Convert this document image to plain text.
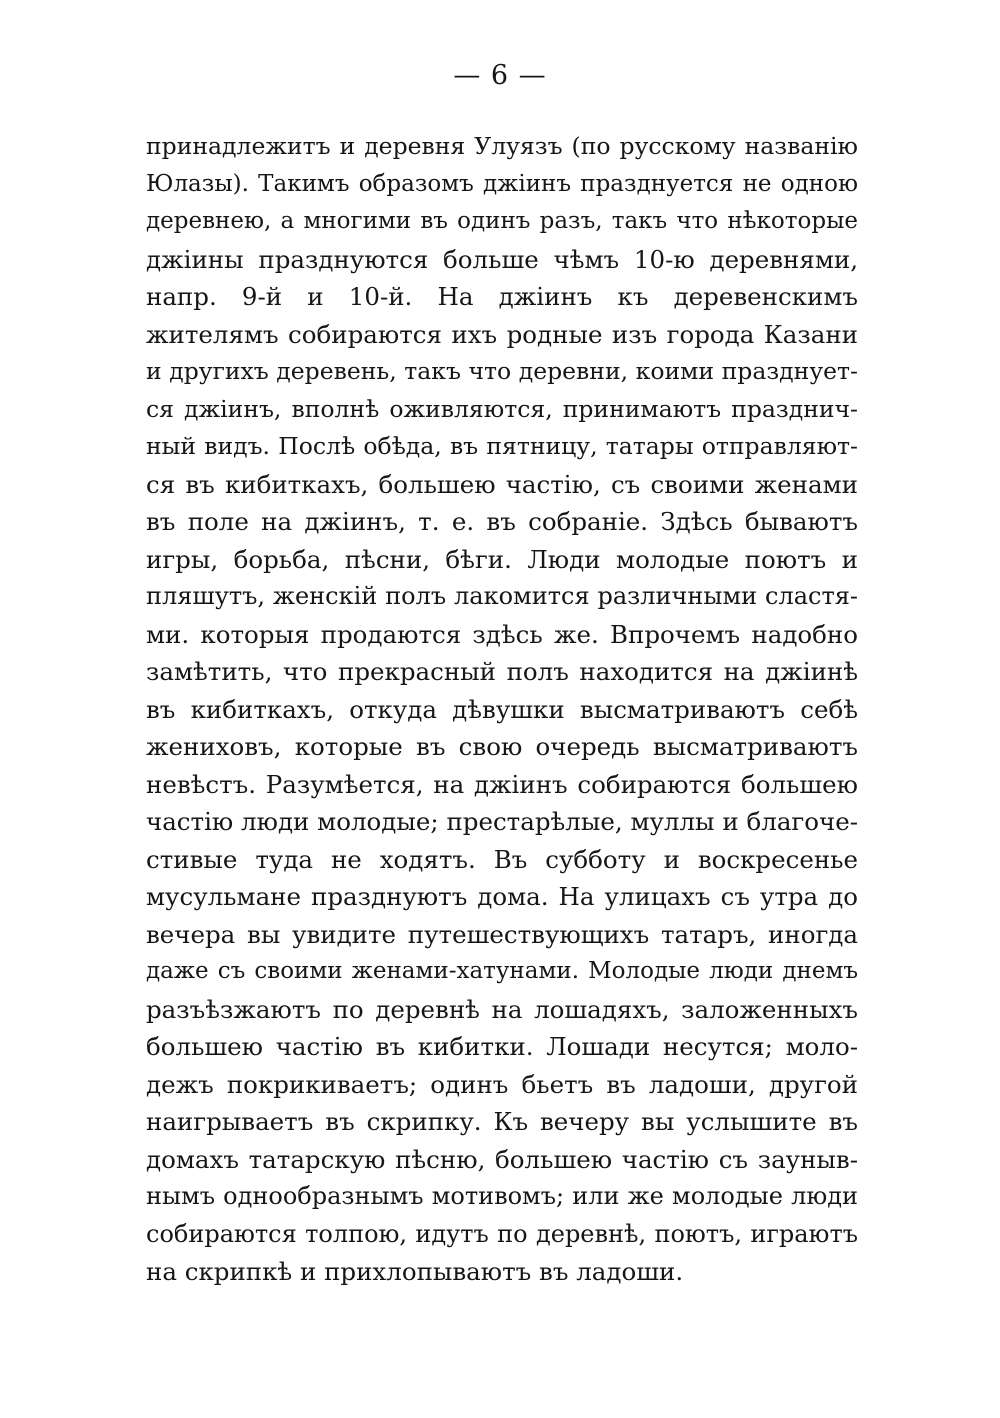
— 6 —
принадлежитъ и деревня Улуязъ (по русскому названiю
Юлазы). Такимъ образомъ джiинъ празднуется не одною
деревнею, а многими въ одинъ разъ, такъ что нѣкоторые
джiины празднуются больше чѣмъ 10-ю деревнями,
напр. 9-й и 10-й. На джiинъ къ деревенскимъ
жителямъ собираются ихъ родные изъ города Казани
и другихъ деревень, такъ что деревни, коими празднует-
ся джiинъ, вполнѣ оживляются, принимаютъ празднич-
ный видъ. Послѣ обѣда, въ пятницу, татары отправляют-
ся въ кибиткахъ, большею частiю, съ своими женами
въ поле на джiинъ, т. е. въ собранiе. Здѣсь бываютъ
игры, борьба, пѣсни, бѣги. Люди молодые поютъ и
пляшутъ, женскiй полъ лакомится различными сластя-
ми. которыя продаются здѣсь же. Впрочемъ надобно
замѣтить, что прекрасный полъ находится на джiинѣ
въ кибиткахъ, откуда дѣвушки высматриваютъ себѣ
жениховъ, которые въ свою очередь высматриваютъ
невѣстъ. Разумѣется, на джiинъ собираются большею
частiю люди молодые; престарѣлые, муллы и благоче-
стивые туда не ходятъ. Въ субботу и воскресенье
мусульмане празднуютъ дома. На улицахъ съ утра до
вечера вы увидите путешествующихъ татаръ, иногда
даже съ своими женами-хатунами. Молодые люди днемъ
разъѣзжаютъ по деревнѣ на лошадяхъ, заложенныхъ
большею частiю въ кибитки. Лошади несутся; моло-
дежъ покрикиваетъ; одинъ бьетъ въ ладоши, другой
наигрываетъ въ скрипку. Къ вечеру вы услышите въ
домахъ татарскую пѣсню, большею частiю съ зауныв-
нымъ однообразнымъ мотивомъ; или же молодые люди
собираются толпою, идутъ по деревнѣ, поютъ, играютъ
на скрипкѣ и прихлопываютъ въ ладоши.
